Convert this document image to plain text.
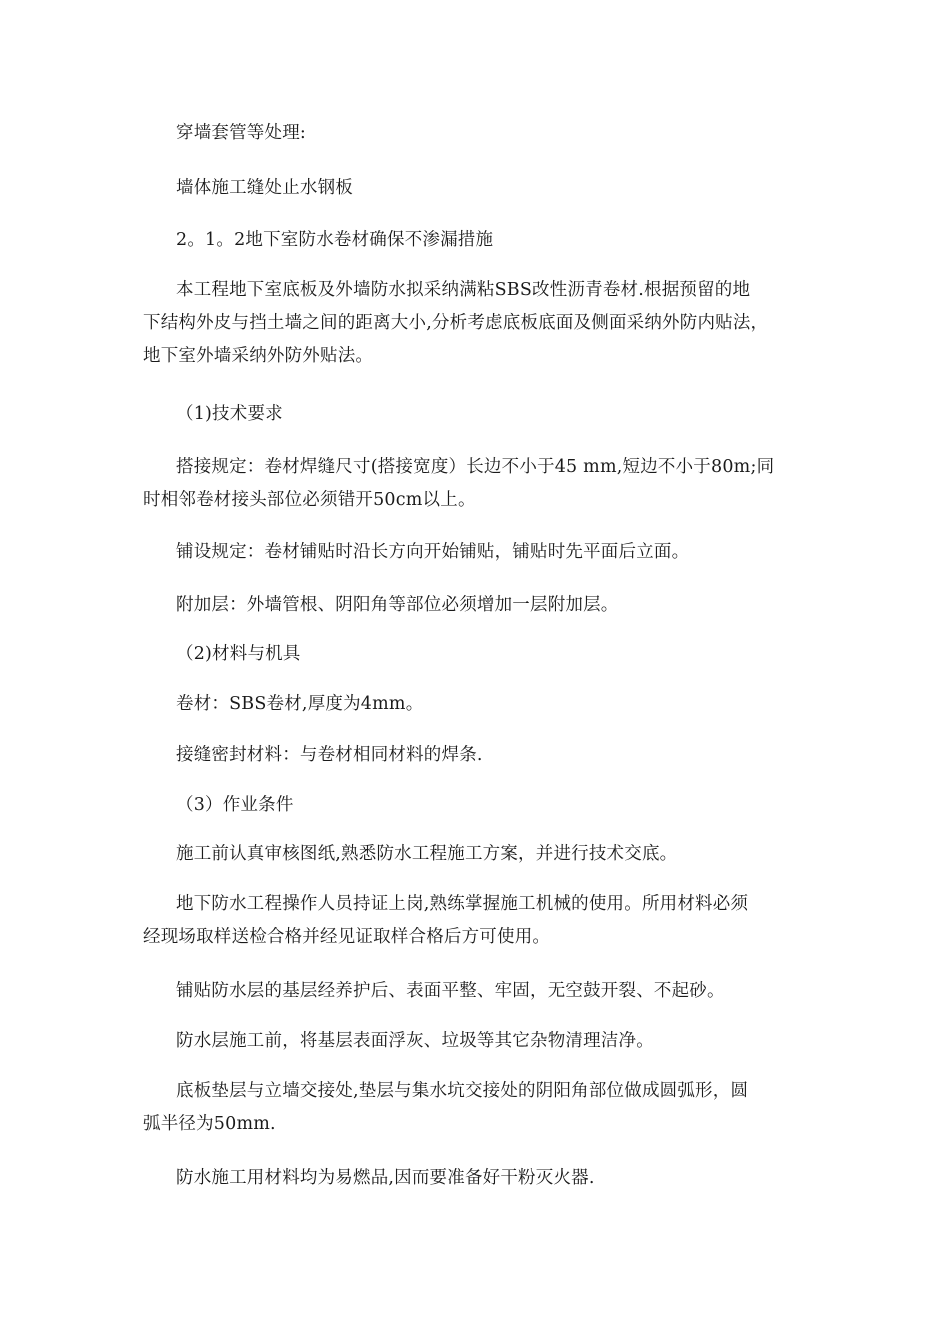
穿墙套管等处理:

墙体施工缝处止水钢板

2。1。2地下室防水卷材确保不渗漏措施

本工程地下室底板及外墙防水拟采纳满粘SBS改性沥青卷材.根据预留的地
下结构外皮与挡土墙之间的距离大小,分析考虑底板底面及侧面采纳外防内贴法，
地下室外墙采纳外防外贴法。

（1)技术要求

搭接规定：卷材焊缝尺寸(搭接宽度）长边不小于45 mm,短边不小于80m;同
时相邻卷材接头部位必须错开50cm以上。

铺设规定：卷材铺贴时沿长方向开始铺贴，铺贴时先平面后立面。

附加层：外墙管根、阴阳角等部位必须增加一层附加层。

（2)材料与机具

卷材：SBS卷材,厚度为4mm。

接缝密封材料：与卷材相同材料的焊条.

（3）作业条件

施工前认真审核图纸,熟悉防水工程施工方案，并进行技术交底。

地下防水工程操作人员持证上岗,熟练掌握施工机械的使用。所用材料必须
经现场取样送检合格并经见证取样合格后方可使用。

铺贴防水层的基层经养护后、表面平整、牢固，无空鼓开裂、不起砂。

防水层施工前，将基层表面浮灰、垃圾等其它杂物清理洁净。

底板垫层与立墙交接处,垫层与集水坑交接处的阴阳角部位做成圆弧形，圆
弧半径为50mm.

防水施工用材料均为易燃品,因而要准备好干粉灭火器.
